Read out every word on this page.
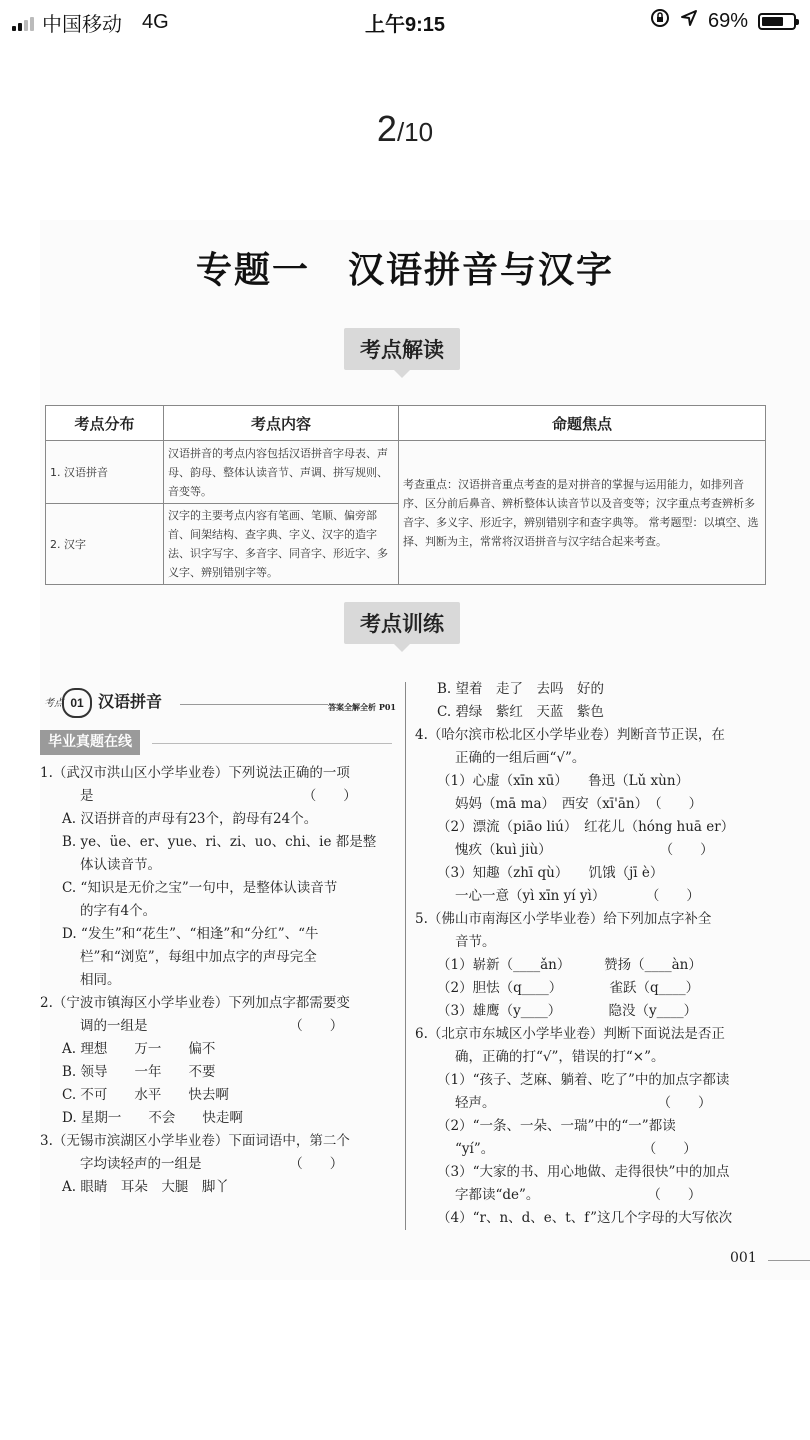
中国移动 4G	上午9:15	69%
2/10
专题一　汉语拼音与汉字
考点解读
考点分布	考点内容	命题焦点
1. 汉语拼音	汉语拼音的考点内容包括汉语拼音字母表、声母、韵母、整体认读音节、声调、拼写规则、音变等。	考查重点：汉语拼音重点考查的是对拼音的掌握与运用能力，如排列音序、区分前后鼻音、辨析整体认读音节以及音变等；汉字重点考查辨析多音字、多义字、形近字，辨别错别字和查字典等。 常考题型：以填空、选择、判断为主，常常将汉语拼音与汉字结合起来考查。
2. 汉字	汉字的主要考点内容有笔画、笔顺、偏旁部首、间架结构、查字典、字义、汉字的造字法、识字写字、多音字、同音字、形近字、多义字、辨别错别字等。	
考点训练
考点 01 汉语拼音	答案全解全析 P01
毕业真题在线
1.（武汉市洪山区小学毕业卷）下列说法正确的一项
是　　　　　　　　　　　　　　　　（　　）
A. 汉语拼音的声母有23个，韵母有24个。
B. ye、üe、er、yue、ri、zi、uo、chi、ie 都是整
体认读音节。
C. “知识是无价之宝”一句中，是整体认读音节
的字有4个。
D. “发生”和“花生”、“相逢”和“分红”、“牛
栏”和“浏览”，每组中加点字的声母完全
相同。
2.（宁波市镇海区小学毕业卷）下列加点字都需要变
调的一组是　　　　　　　　　　　（　　）
A. 理想　　万一　　偏不
B. 领导　　一年　　不要
C. 不可　　水平　　快去啊
D. 星期一　　不会　　快走啊
3.（无锡市滨湖区小学毕业卷）下面词语中，第二个
字均读轻声的一组是　　　　　　　（　　）
A. 眼睛　耳朵　大腿　脚丫
B. 望着　走了　去吗　好的
C. 碧绿　紫红　天蓝　紫色
4.（哈尔滨市松北区小学毕业卷）判断音节正误，在
正确的一组后画“√”。
（1）心虚（xīn xū）　　鲁迅（Lǔ xùn）
妈妈（mā ma）　西安（xī'ān）　（　　）
（2）漂流（piāo liú）　红花儿（hóng huā er）
愧疚（kuì jiù）　　　　　　　　　（　　）
（3）知趣（zhī qù）　　饥饿（jī è）
一心一意（yì xīn yí yì）　　　　（　　）
5.（佛山市南海区小学毕业卷）给下列加点字补全
音节。
（1）崭新（____ǎn）　　　赞扬（____àn）
（2）胆怯（q____）　　　　雀跃（q____）
（3）雄鹰（y____）　　　　隐没（y____）
6.（北京市东城区小学毕业卷）判断下面说法是否正
确，正确的打“√”，错误的打“×”。
（1）“孩子、芝麻、躺着、吃了”中的加点字都读
轻声。　　　　　　　　　　　　　（　　）
（2）“一条、一朵、一瑞”中的“一”都读
“yí”。　　　　　　　　　　　　（　　）
（3）“大家的书、用心地做、走得很快”中的加点
字都读“de”。　　　　　　　　　（　　）
（4）“r、n、d、e、t、f”这几个字母的大写依次
001
